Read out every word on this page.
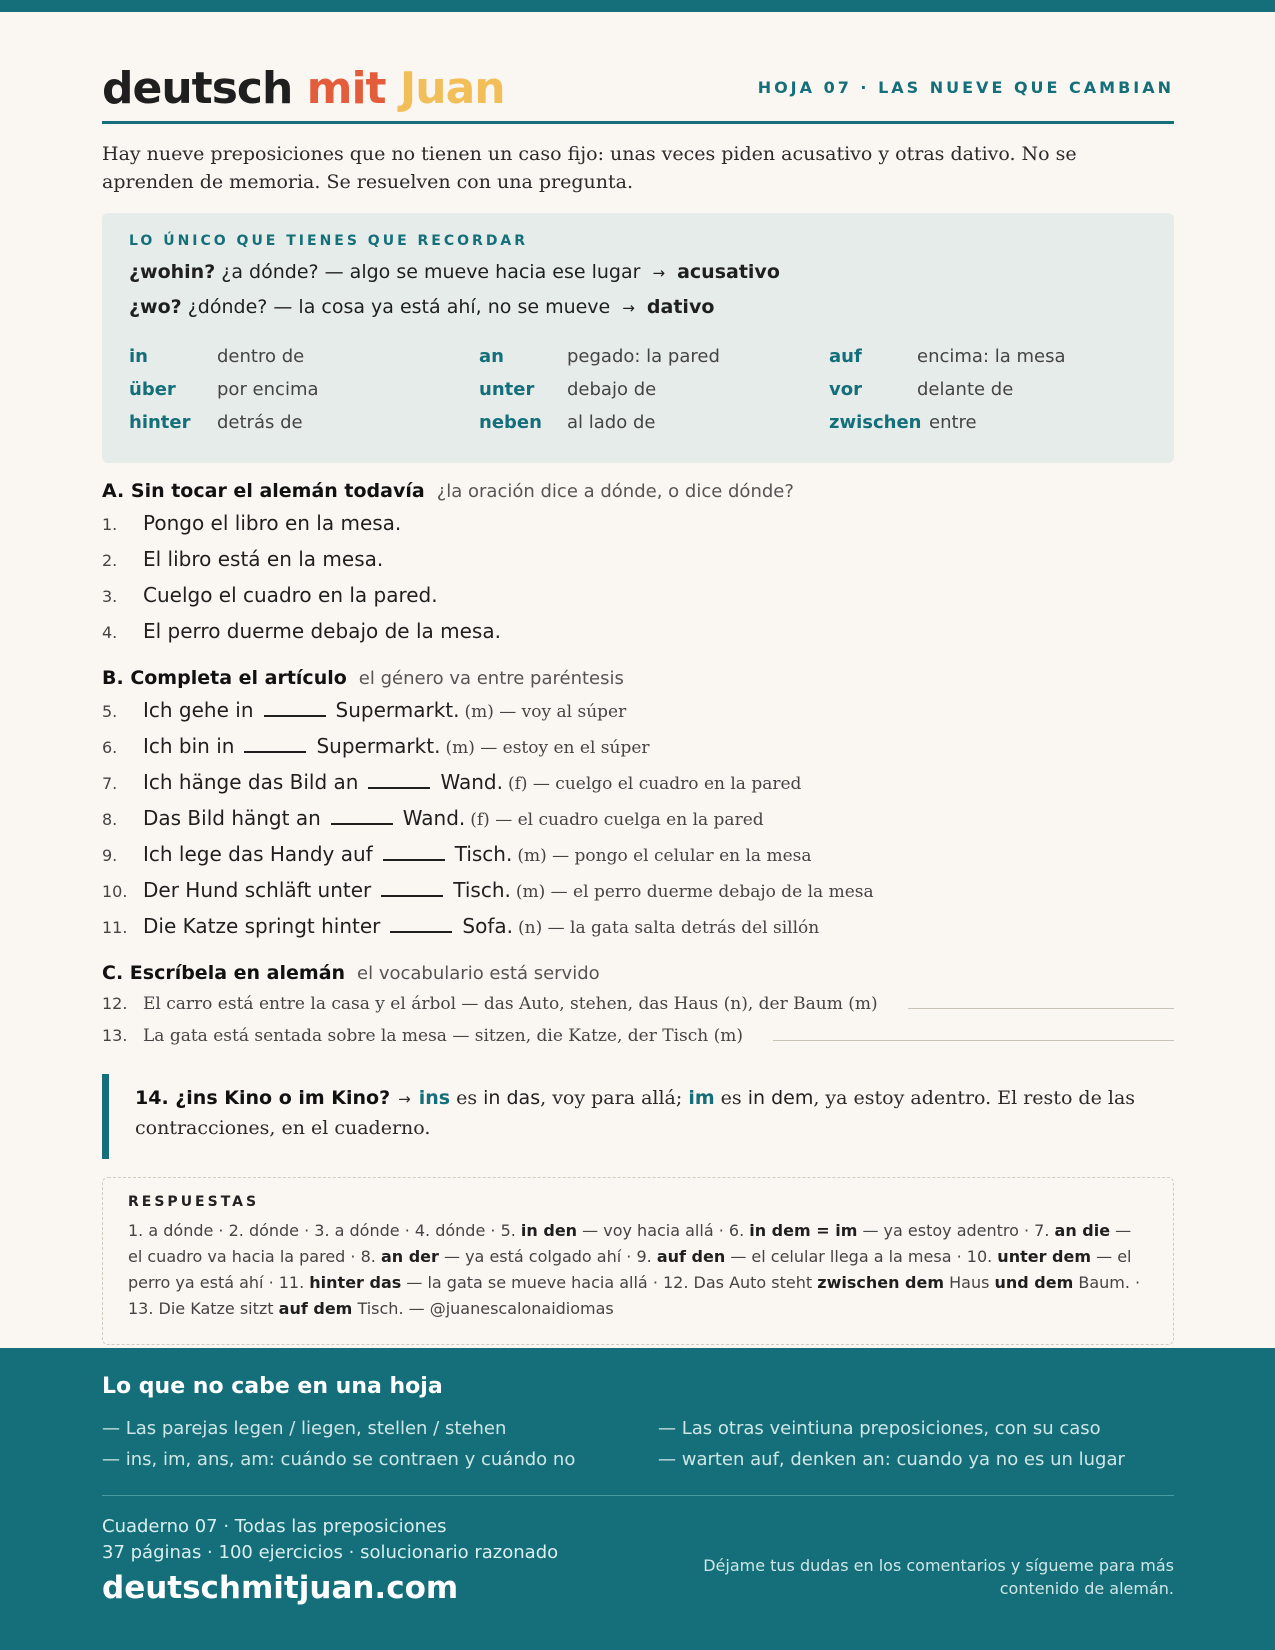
deutsch mit Juan	HOJA 07 · LAS NUEVE QUE CAMBIAN

Hay nueve preposiciones que no tienen un caso fijo: unas veces piden acusativo y otras dativo. No se aprenden de memoria. Se resuelven con una pregunta.

LO ÚNICO QUE TIENES QUE RECORDAR
¿wohin? ¿a dónde? — algo se mueve hacia ese lugar → acusativo
¿wo? ¿dónde? — la cosa ya está ahí, no se mueve → dativo
in	dentro de	an	pegado: la pared	auf	encima: la mesa
über	por encima	unter	debajo de	vor	delante de
hinter	detrás de	neben	al lado de	zwischen entre
A. Sin tocar el alemán todavía ¿la oración dice a dónde, o dice dónde?
1.	Pongo el libro en la mesa.
2.	El libro está en la mesa.
3.	Cuelgo el cuadro en la pared.
4.	El perro duerme debajo de la mesa.
B. Completa el artículo el género va entre paréntesis
5.	Ich gehe in	Supermarkt. (m) — voy al súper
6.	Ich bin in	Supermarkt. (m) — estoy en el súper
7.	Ich hänge das Bild an	Wand. (f) — cuelgo el cuadro en la pared
8.	Das Bild hängt an	Wand. (f) — el cuadro cuelga en la pared
9.	Ich lege das Handy auf	Tisch. (m) — pongo el celular en la mesa
10. Der Hund schläft unter	Tisch. (m) — el perro duerme debajo de la mesa
11. Die Katze springt hinter	Sofa. (n) — la gata salta detrás del sillón
C. Escríbela en alemán el vocabulario está servido
12. El carro está entre la casa y el árbol — das Auto, stehen, das Haus (n), der Baum (m)
13. La gata está sentada sobre la mesa — sitzen, die Katze, der Tisch (m)

14. ¿ins Kino o im Kino? → ins es in das, voy para allá; im es in dem, ya estoy adentro. El resto de las contracciones, en el cuaderno.

RESPUESTAS

1. a dónde · 2. dónde · 3. a dónde · 4. dónde · 5. in den — voy hacia allá · 6. in dem = im — ya estoy adentro · 7. an die — el cuadro va hacia la pared · 8. an der — ya está colgado ahí · 9. auf den — el celular llega a la mesa · 10. unter dem — el perro ya está ahí · 11. hinter das — la gata se mueve hacia allá · 12. Das Auto steht zwischen dem Haus und dem Baum. · 13. Die Katze sitzt auf dem Tisch. — @juanescalonaidiomas

Lo que no cabe en una hoja
— Las parejas legen / liegen, stellen / stehen	— Las otras veintiuna preposiciones, con su caso
— ins, im, ans, am: cuándo se contraen y cuándo no	— warten auf, denken an: cuando ya no es un lugar
Cuaderno 07 · Todas las preposiciones
37 páginas · 100 ejercicios · solucionario razonado
deutschmitjuan.com
Déjame tus dudas en los comentarios y sígueme para más contenido de alemán.
